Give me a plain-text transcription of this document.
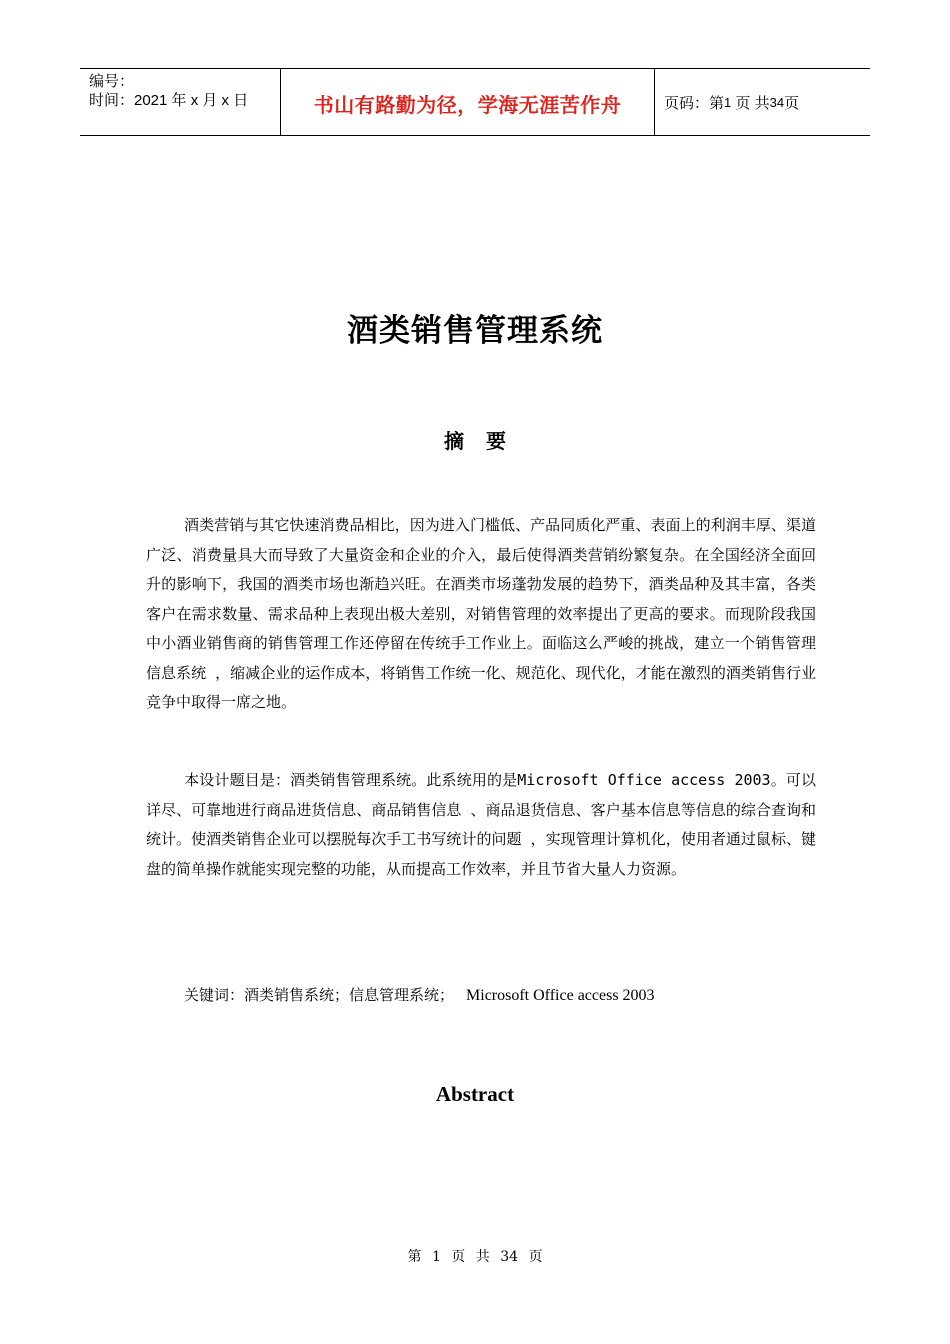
编号：
时间：2021 年 x 月 x 日	书山有路勤为径，学海无涯苦作舟	页码：第 1
页 共 34 页
酒类销售管理系统
摘要
酒类营销与其它快速消费品相比，因为进入门槛低、产品同质化严重、表面上的利润丰厚、渠道广泛、消费量具大而导致了大量资金和企业的介入，最后使得酒类营销纷繁复杂。在全国经济全面回升的影响下，我国的酒类市场也渐趋兴旺。在酒类市场蓬勃发展的趋势下，酒类品种及其丰富，各类客户在需求数量、需求品种上表现出极大差别，对销售管理的效率提出了更高的要求。而现阶段我国中小酒业销售商的销售管理工作还停留在传统手工作业上。面临这么严峻的挑战，建立一个销售管理信息系统 ，缩减企业的运作成本，将销售工作统一化、规范化、现代化，才能在激烈的酒类销售行业竞争中取得一席之地。
本设计题目是：酒类销售管理系统。此系统用的是Microsoft Office access 2003。可以详尽、可靠地进行商品进货信息、商品销售信息 、商品退货信息、客户基本信息等信息的综合查询和统计。使酒类销售企业可以摆脱每次手工书写统计的问题 ，实现管理计算机化，使用者通过鼠标、键盘的简单操作就能实现完整的功能，从而提高工作效率，并且节省大量人力资源。
关键词：酒类销售系统；信息管理系统； Microsoft Office access 2003
Abstract
第 1 页 共 34 页
